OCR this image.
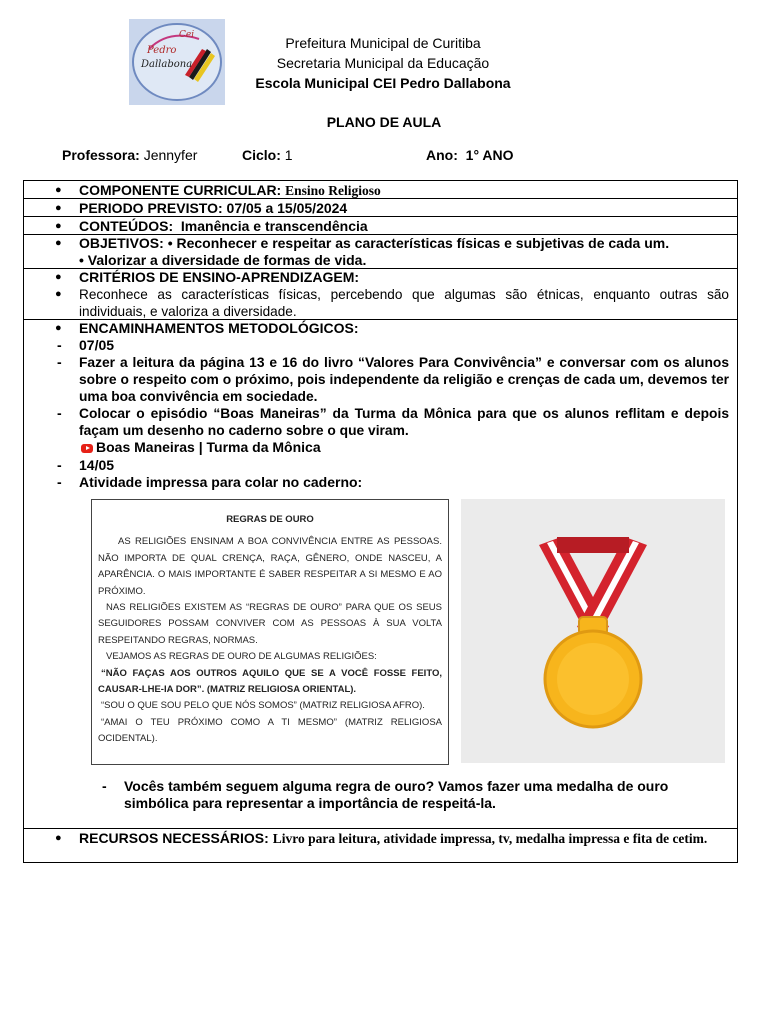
Cei
Pedro
Dallabona
Prefeitura Municipal de Curitiba
Secretaria Municipal da Educação
Escola Municipal CEI Pedro Dallabona
PLANO DE AULA
Professora: Jennyfer	Ciclo: 1	Ano: 1° ANO
● COMPONENTE CURRICULAR: Ensino Religioso
● PERIODO PREVISTO: 07/05 a 15/05/2024
● CONTEÚDOS: Imanência e transcendência
● OBJETIVOS: • Reconhecer e respeitar as características físicas e subjetivas de cada um.
• Valorizar a diversidade de formas de vida.
● CRITÉRIOS DE ENSINO-APRENDIZAGEM:
● Reconhece as características físicas, percebendo que algumas são étnicas, enquanto outras são individuais, e valoriza a diversidade.
● ENCAMINHAMENTOS METODOLÓGICOS:
- 07/05
- Fazer a leitura da página 13 e 16 do livro “Valores Para Convivência” e conversar com os alunos sobre o respeito com o próximo, pois independente da religião e crenças de cada um, devemos ter uma boa convivência em sociedade.
- Colocar o episódio “Boas Maneiras” da Turma da Mônica para que os alunos reflitam e depois façam um desenho no caderno sobre o que viram.
Boas Maneiras | Turma da Mônica
- 14/05
- Atividade impressa para colar no caderno:
REGRAS DE OURO

AS RELIGIÕES ENSINAM A BOA CONVIVÊNCIA ENTRE AS PESSOAS. NÃO IMPORTA DE QUAL CRENÇA, RAÇA, GÊNERO, ONDE NASCEU, A APARÊNCIA. O MAIS IMPORTANTE É SABER RESPEITAR A SI MESMO E AO PRÓXIMO.

NAS RELIGIÕES EXISTEM AS “REGRAS DE OURO” PARA QUE OS SEUS SEGUIDORES POSSAM CONVIVER COM AS PESSOAS À SUA VOLTA RESPEITANDO REGRAS, NORMAS.

VEJAMOS AS REGRAS DE OURO DE ALGUMAS RELIGIÕES:

“NÃO FAÇAS AOS OUTROS AQUILO QUE SE A VOCÊ FOSSE FEITO, CAUSAR-LHE-IA DOR”. (MATRIZ RELIGIOSA ORIENTAL).

“SOU O QUE SOU PELO QUE NÓS SOMOS” (MATRIZ RELIGIOSA AFRO).

“AMAI O TEU PRÓXIMO COMO A TI MESMO” (MATRIZ RELIGIOSA OCIDENTAL).

- Vocês também seguem alguma regra de ouro? Vamos fazer uma medalha de ouro simbólica para representar a importância de respeitá-la.
● RECURSOS NECESSÁRIOS: Livro para leitura, atividade impressa, tv, medalha impressa e fita de cetim.
